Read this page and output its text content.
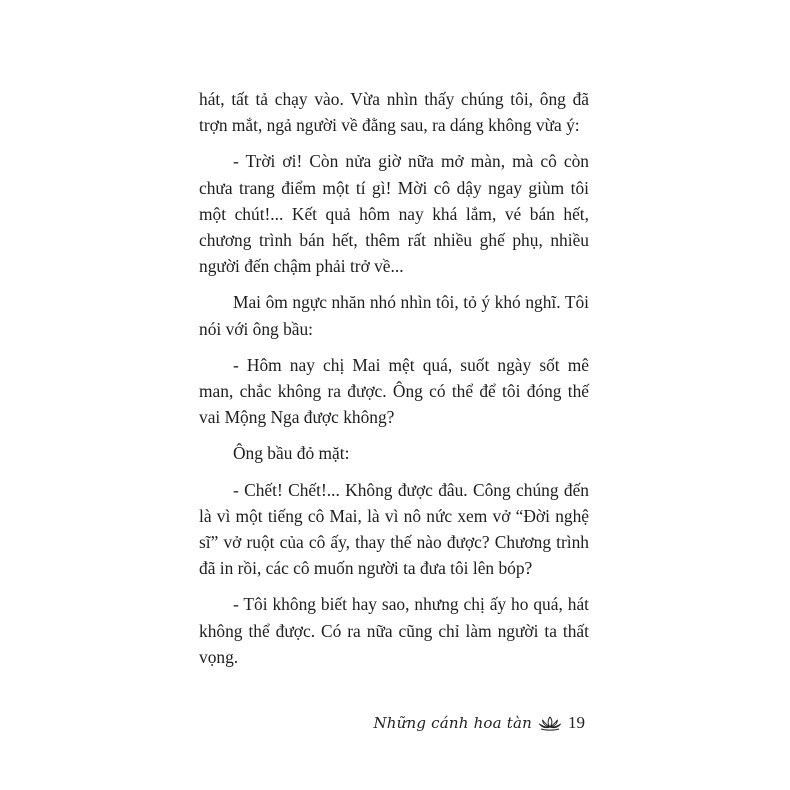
hát, tất tả chạy vào. Vừa nhìn thấy chúng tôi, ông đã trợn mắt, ngả người về đằng sau, ra dáng không vừa ý:

- Trời ơi! Còn nửa giờ nữa mở màn, mà cô còn chưa trang điểm một tí gì! Mời cô dậy ngay giùm tôi một chút!... Kết quả hôm nay khá lắm, vé bán hết, chương trình bán hết, thêm rất nhiều ghế phụ, nhiều người đến chậm phải trở về...

Mai ôm ngực nhăn nhó nhìn tôi, tỏ ý khó nghĩ. Tôi nói với ông bầu:

- Hôm nay chị Mai mệt quá, suốt ngày sốt mê man, chắc không ra được. Ông có thể để tôi đóng thế vai Mộng Nga được không?

Ông bầu đỏ mặt:

- Chết! Chết!... Không được đâu. Công chúng đến là vì một tiếng cô Mai, là vì nô nức xem vở “Đời nghệ sĩ” vở ruột của cô ấy, thay thế nào được? Chương trình đã in rồi, các cô muốn người ta đưa tôi lên bóp?

- Tôi không biết hay sao, nhưng chị ấy ho quá, hát không thể được. Có ra nữa cũng chỉ làm người ta thất vọng.

Những cánh hoa tàn 19
